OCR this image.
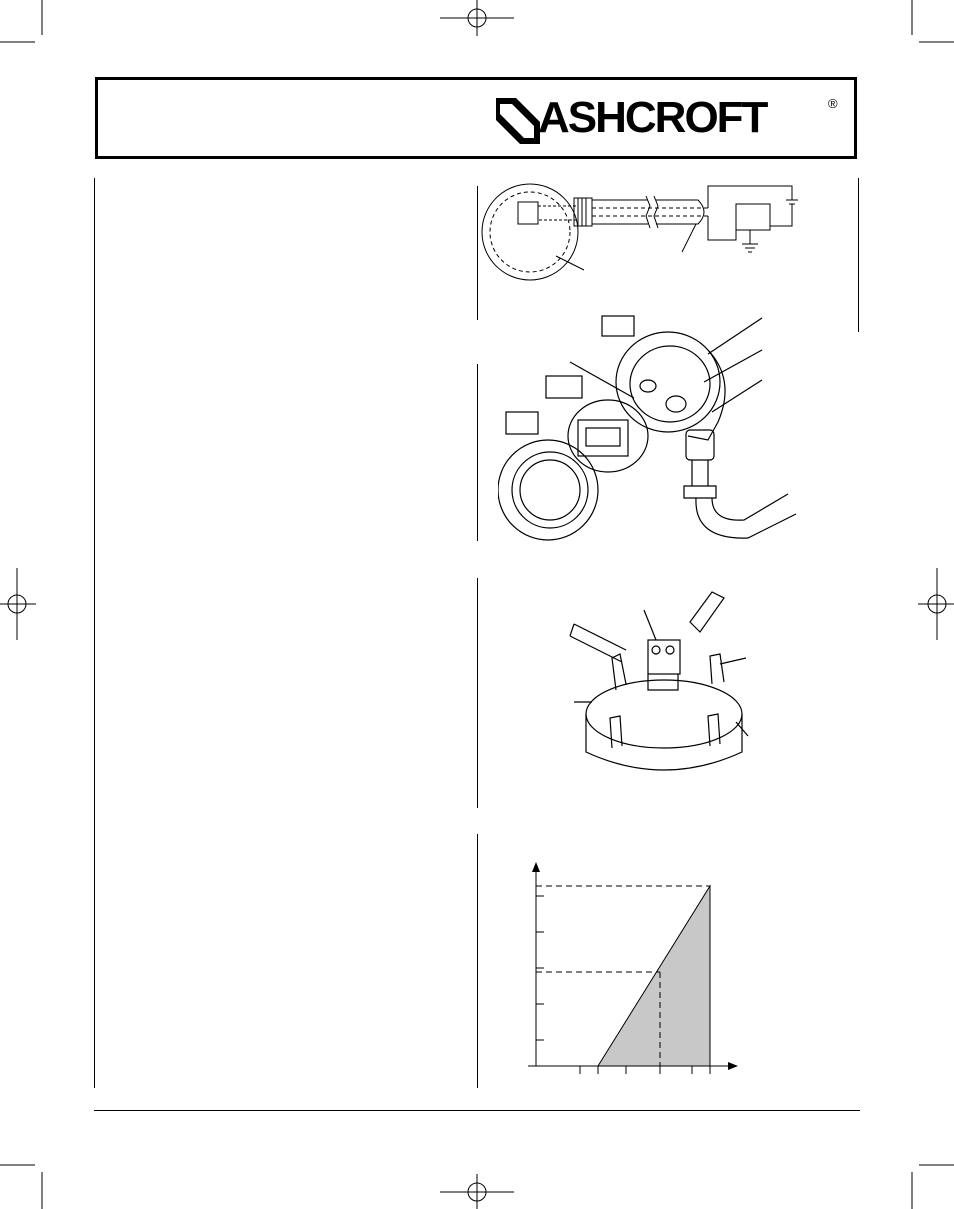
ASHCROFT	®
